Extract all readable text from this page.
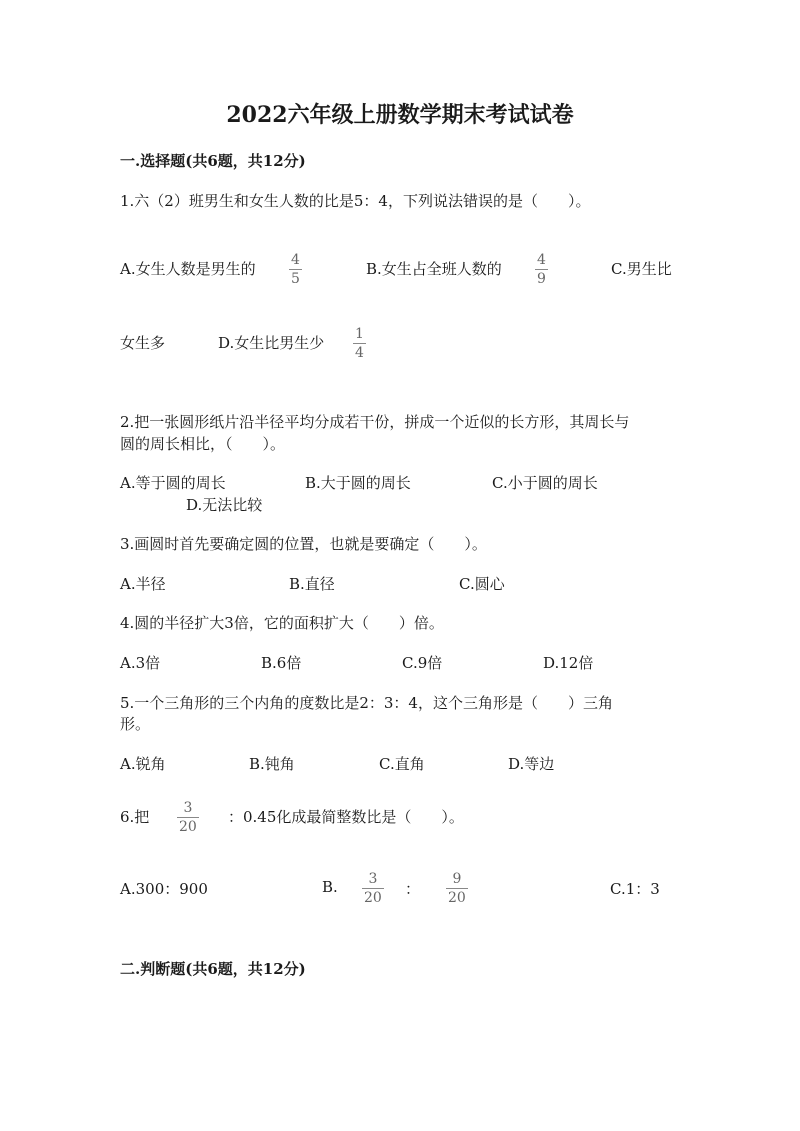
2022六年级上册数学期末考试试卷
一.选择题(共6题，共12分)
1.六（2）班男生和女生人数的比是5：4，下列说法错误的是（　　）。
A.女生人数是男生的	4
5
B.女生占全班人数的	4
9
C.男生比
女生多	D.女生比男生少 1
4
2.把一张圆形纸片沿半径平均分成若干份，拼成一个近似的长方形，其周长与
圆的周长相比，（　　）。
A.等于圆的周长	B.大于圆的周长	C.小于圆的周长
D.无法比较
3.画圆时首先要确定圆的位置，也就是要确定（　　）。
A.半径	B.直径	C.圆心
4.圆的半径扩大3倍，它的面积扩大（　　）倍。
A.3倍	B.6倍	C.9倍	D.12倍
5.一个三角形的三个内角的度数比是2：3：4，这个三角形是（　　）三角
形。
A.锐角	B.钝角	C.直角	D.等边
6.把 3
20
：0.45化成最简整数比是（　　）。
A.300：900	B. 3
20 ：
9
20	C.1：3
二.判断题(共6题，共12分)
